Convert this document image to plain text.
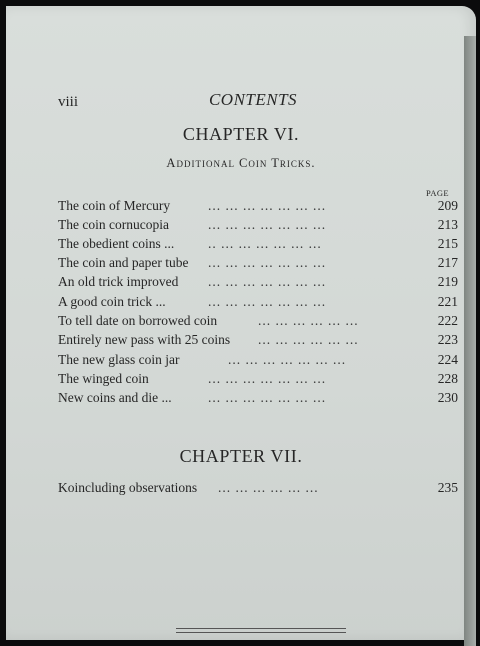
viii	CONTENTS
CHAPTER VI.
Additional Coin Tricks.
PAGE
The coin of Mercury	... ... ... ... ... ... ...	209
The coin cornucopia	... ... ... ... ... ... ...	213
The obedient coins ...	.. ... ... ... ... ... ...	215
The coin and paper tube ... ... ... ... ... ... ...	217
An old trick improved ... ... ... ... ... ... ...	219
A good coin trick ...	... ... ... ... ... ... ...	221
To tell date on borrowed coin	... ... ... ... ... ...	222
Entirely new pass with 25 coins ... ... ... ... ... ...	223
The new glass coin jar	... ... ... ... ... ... ...	224
The winged coin	... ... ... ... ... ... ...	228
New coins and die ...	... ... ... ... ... ... ...	230
CHAPTER VII.
Koincluding observations ... ... ... ... ... ...	235
